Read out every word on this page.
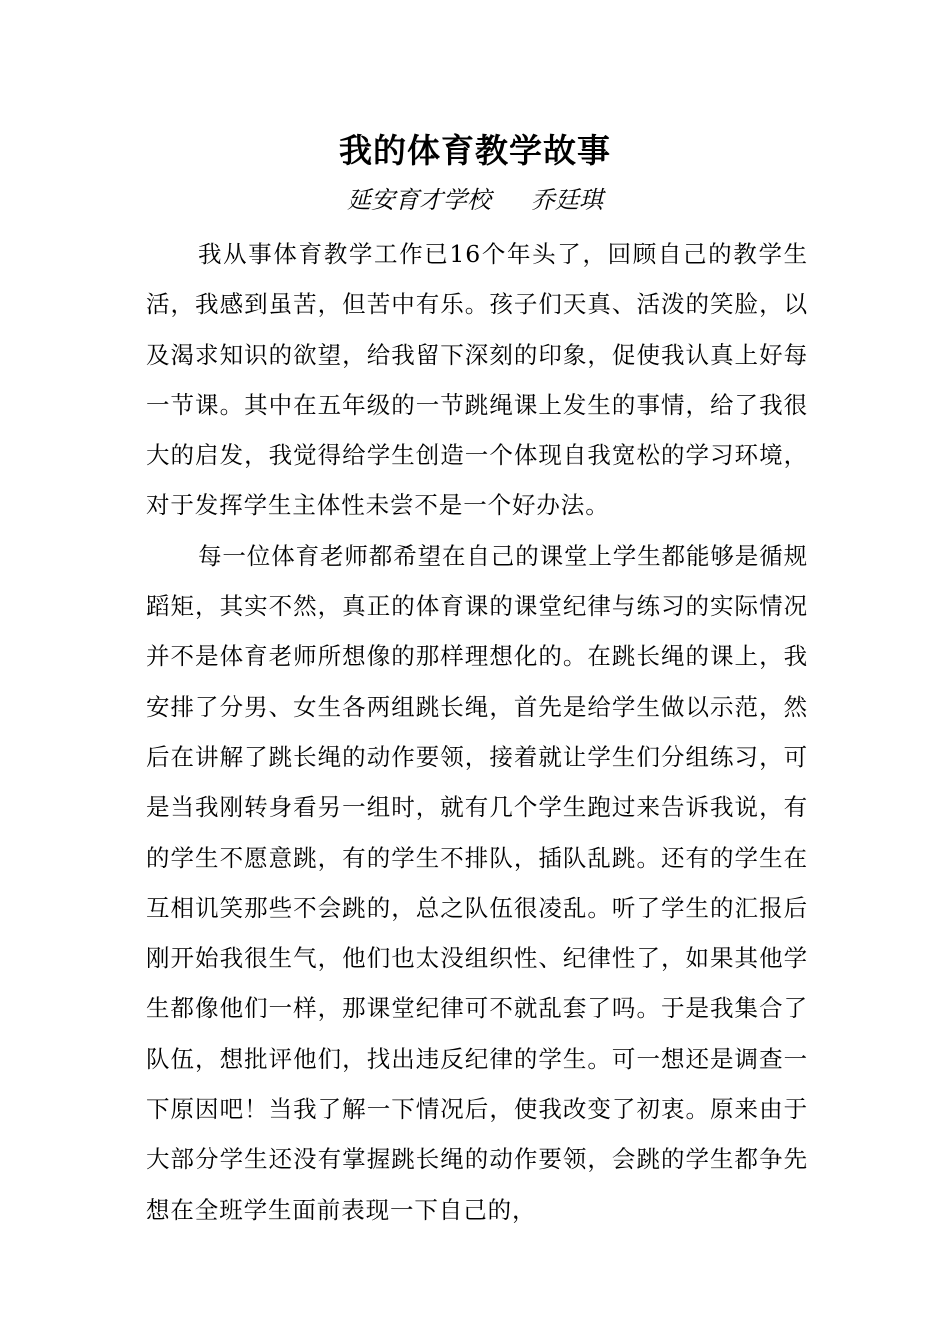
我的体育教学故事
延安育才学校 乔廷琪

我从事体育教学工作已16个年头了，回顾自己的教学生活，我感到虽苦，但苦中有乐。孩子们天真、活泼的笑脸，以及渴求知识的欲望，给我留下深刻的印象，促使我认真上好每一节课。其中在五年级的一节跳绳课上发生的事情，给了我很大的启发，我觉得给学生创造一个体现自我宽松的学习环境，对于发挥学生主体性未尝不是一个好办法。

每一位体育老师都希望在自己的课堂上学生都能够是循规蹈矩，其实不然，真正的体育课的课堂纪律与练习的实际情况并不是体育老师所想像的那样理想化的。在跳长绳的课上，我安排了分男、女生各两组跳长绳，首先是给学生做以示范，然后在讲解了跳长绳的动作要领，接着就让学生们分组练习，可是当我刚转身看另一组时，就有几个学生跑过来告诉我说，有的学生不愿意跳，有的学生不排队，插队乱跳。还有的学生在互相讥笑那些不会跳的，总之队伍很凌乱。听了学生的汇报后刚开始我很生气，他们也太没组织性、纪律性了，如果其他学生都像他们一样，那课堂纪律可不就乱套了吗。于是我集合了队伍，想批评他们，找出违反纪律的学生。可一想还是调查一下原因吧！当我了解一下情况后，使我改变了初衷。原来由于大部分学生还没有掌握跳长绳的动作要领，会跳的学生都争先想在全班学生面前表现一下自己的，
